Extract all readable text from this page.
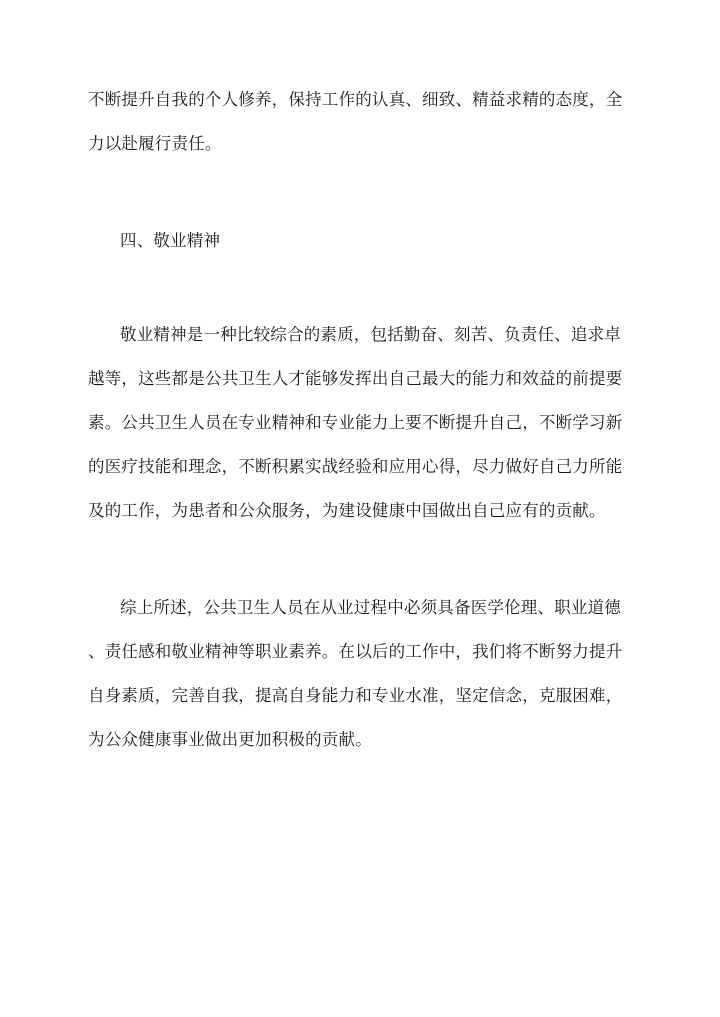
不断提升自我的个人修养，保持工作的认真、细致、精益求精的态度，全
力以赴履行责任。
四、敬业精神
敬业精神是一种比较综合的素质，包括勤奋、刻苦、负责任、追求卓
越等，这些都是公共卫生人才能够发挥出自己最大的能力和效益的前提要
素。公共卫生人员在专业精神和专业能力上要不断提升自己，不断学习新
的医疗技能和理念，不断积累实战经验和应用心得，尽力做好自己力所能
及的工作，为患者和公众服务，为建设健康中国做出自己应有的贡献。
综上所述，公共卫生人员在从业过程中必须具备医学伦理、职业道德
、责任感和敬业精神等职业素养。在以后的工作中，我们将不断努力提升
自身素质，完善自我，提高自身能力和专业水准，坚定信念，克服困难，
为公众健康事业做出更加积极的贡献。
